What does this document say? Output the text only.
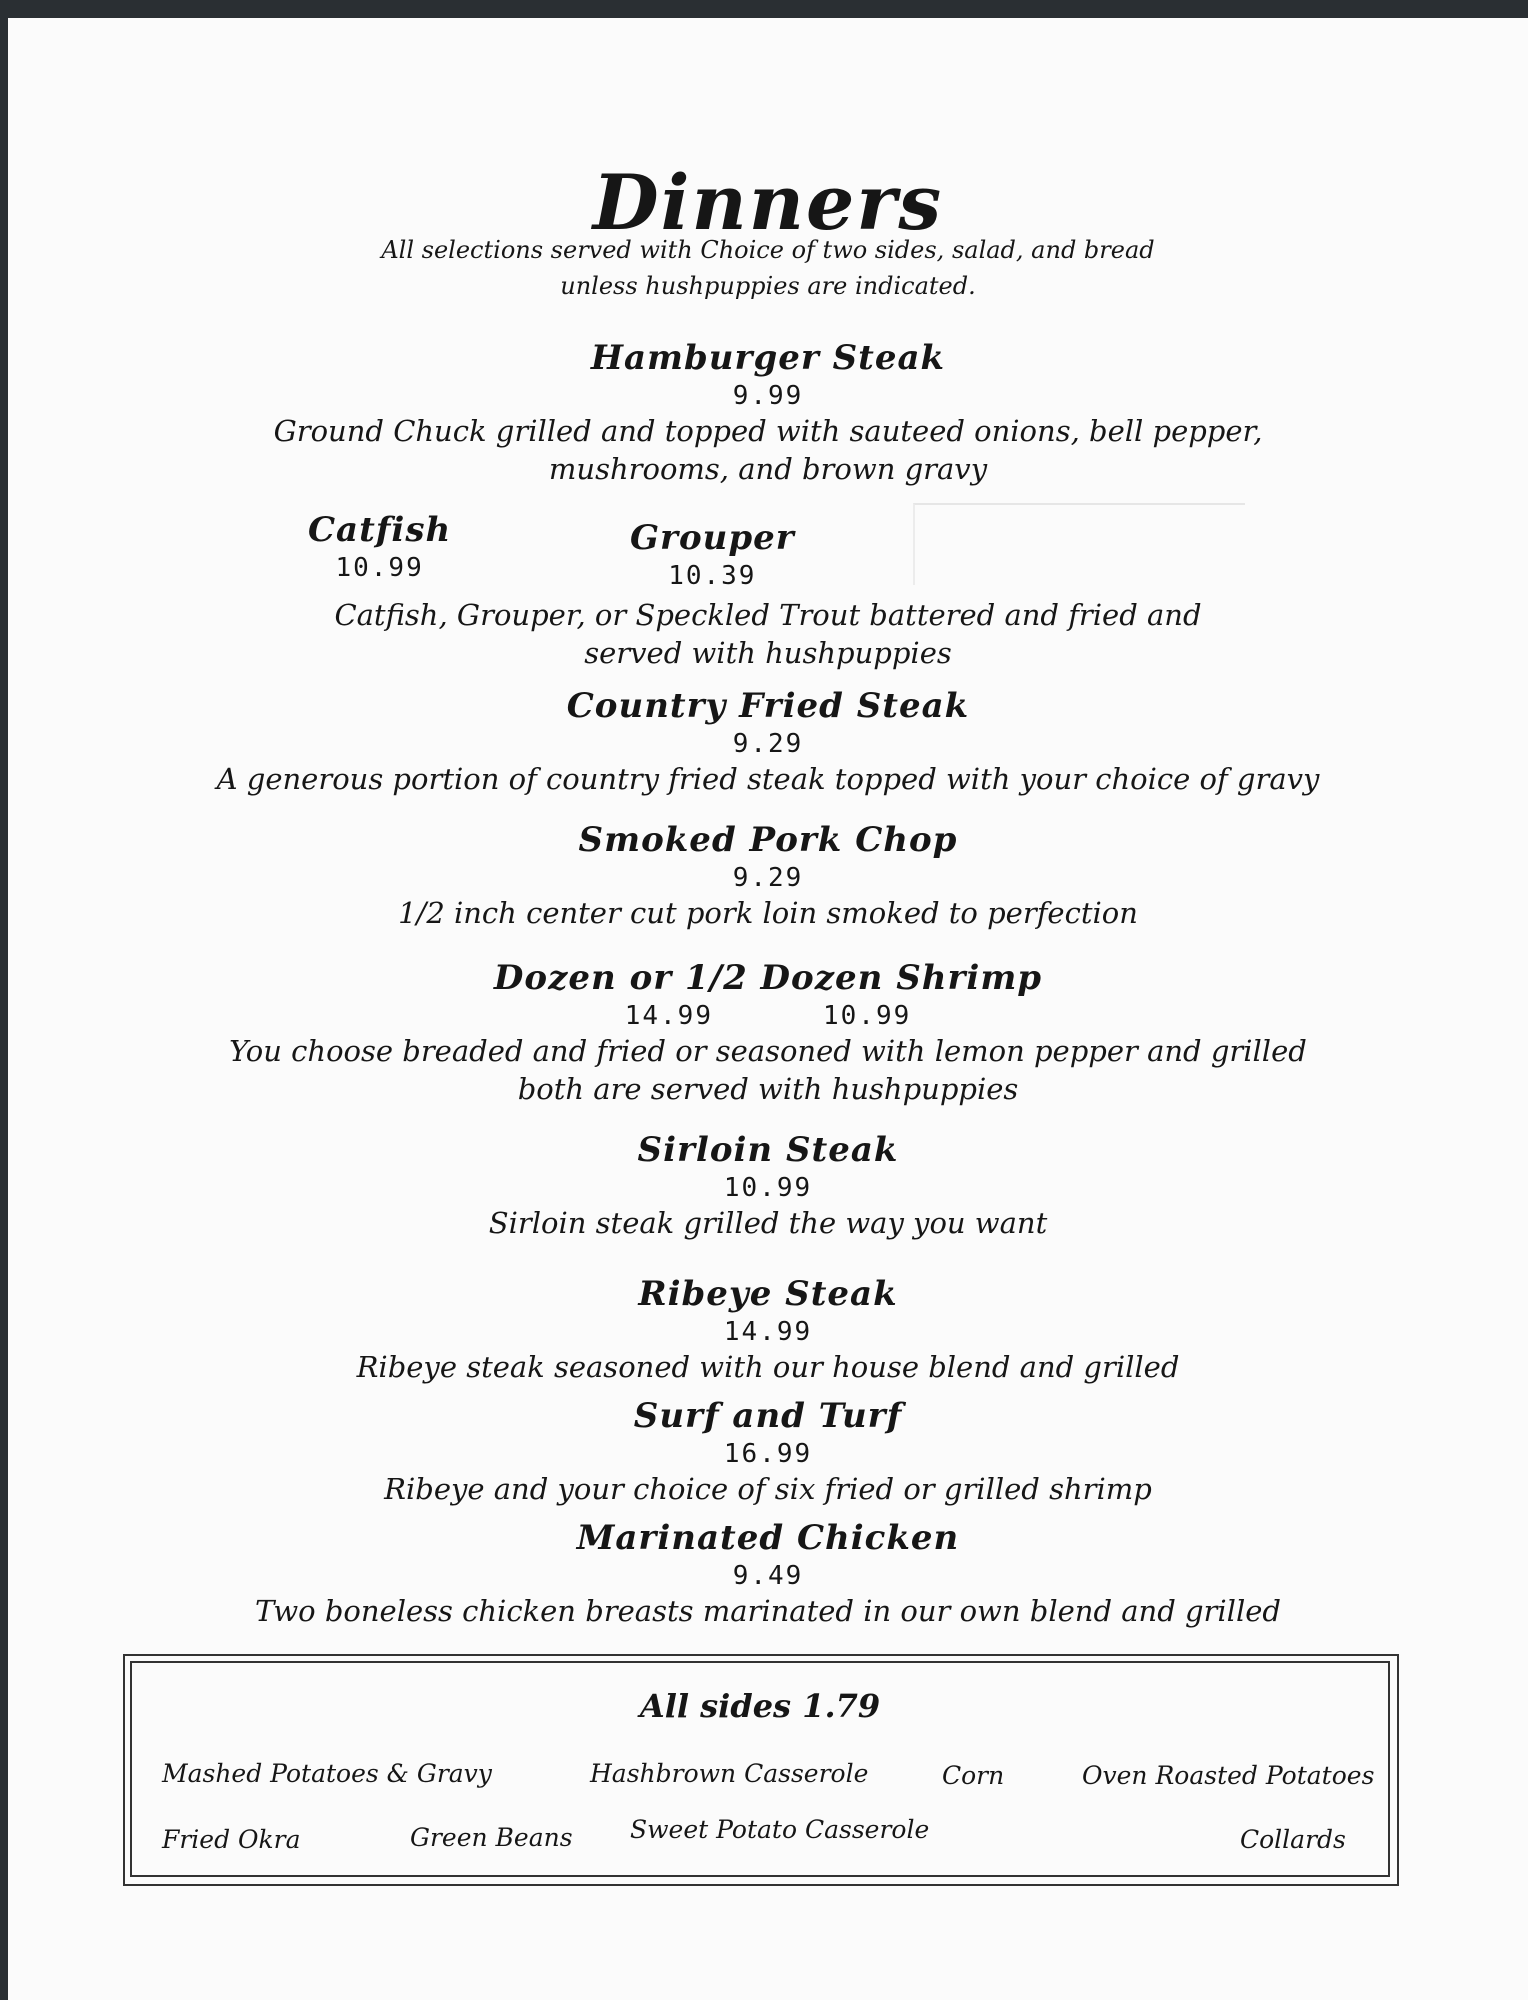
Dinners
All selections served with Choice of two sides, salad, and bread
unless hushpuppies are indicated.
Hamburger Steak
9.99
Ground Chuck grilled and topped with sauteed onions, bell pepper,
mushrooms, and brown gravy
Catfish
10.99
Grouper
10.39
Catfish, Grouper, or Speckled Trout battered and fried and
served with hushpuppies
Country Fried Steak
9.29
A generous portion of country fried steak topped with your choice of gravy
Smoked Pork Chop
9.29
1/2 inch center cut pork loin smoked to perfection
Dozen or 1/2 Dozen Shrimp
14.99	10.99
You choose breaded and fried or seasoned with lemon pepper and grilled
both are served with hushpuppies
Sirloin Steak
10.99
Sirloin steak grilled the way you want
Ribeye Steak
14.99
Ribeye steak seasoned with our house blend and grilled
Surf and Turf
16.99
Ribeye and your choice of six fried or grilled shrimp
Marinated Chicken
9.49
Two boneless chicken breasts marinated in our own blend and grilled
All sides 1.79
Mashed Potatoes & Gravy	Hashbrown Casserole	Corn	Oven Roasted Potatoes
Fried Okra	Green Beans Sweet Potato Casserole	Collards
